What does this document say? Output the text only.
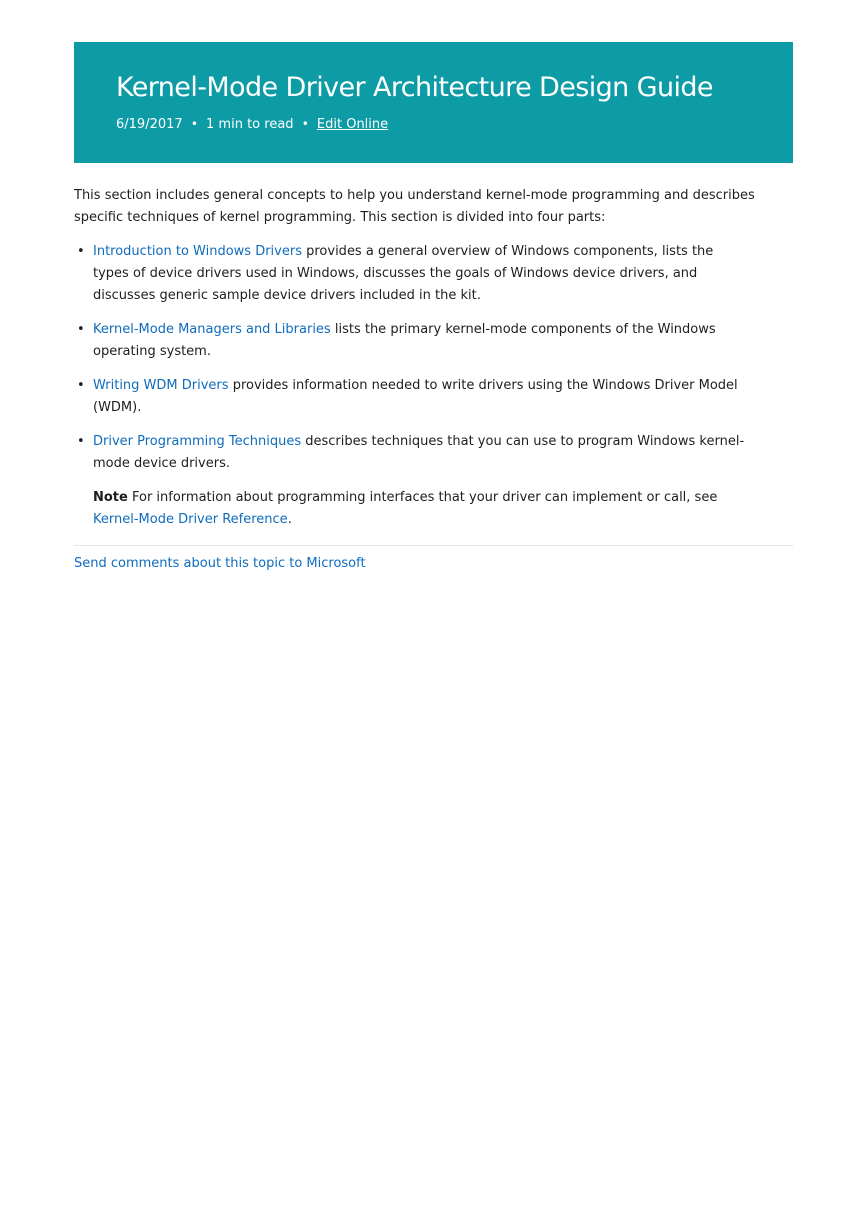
Kernel-Mode Driver Architecture Design Guide
6/19/2017 • 1 min to read • Edit Online

This section includes general concepts to help you understand kernel-mode programming and describes specific techniques of kernel programming. This section is divided into four parts:

• Introduction to Windows Drivers provides a general overview of Windows components, lists the types of device drivers used in Windows, discusses the goals of Windows device drivers, and discusses generic sample device drivers included in the kit.
• Kernel-Mode Managers and Libraries lists the primary kernel-mode components of the Windows operating system.
• Writing WDM Drivers provides information needed to write drivers using the Windows Driver Model (WDM).
• Driver Programming Techniques describes techniques that you can use to program Windows kernel-mode device drivers.

Note For information about programming interfaces that your driver can implement or call, see Kernel-Mode Driver Reference.

Send comments about this topic to Microsoft
